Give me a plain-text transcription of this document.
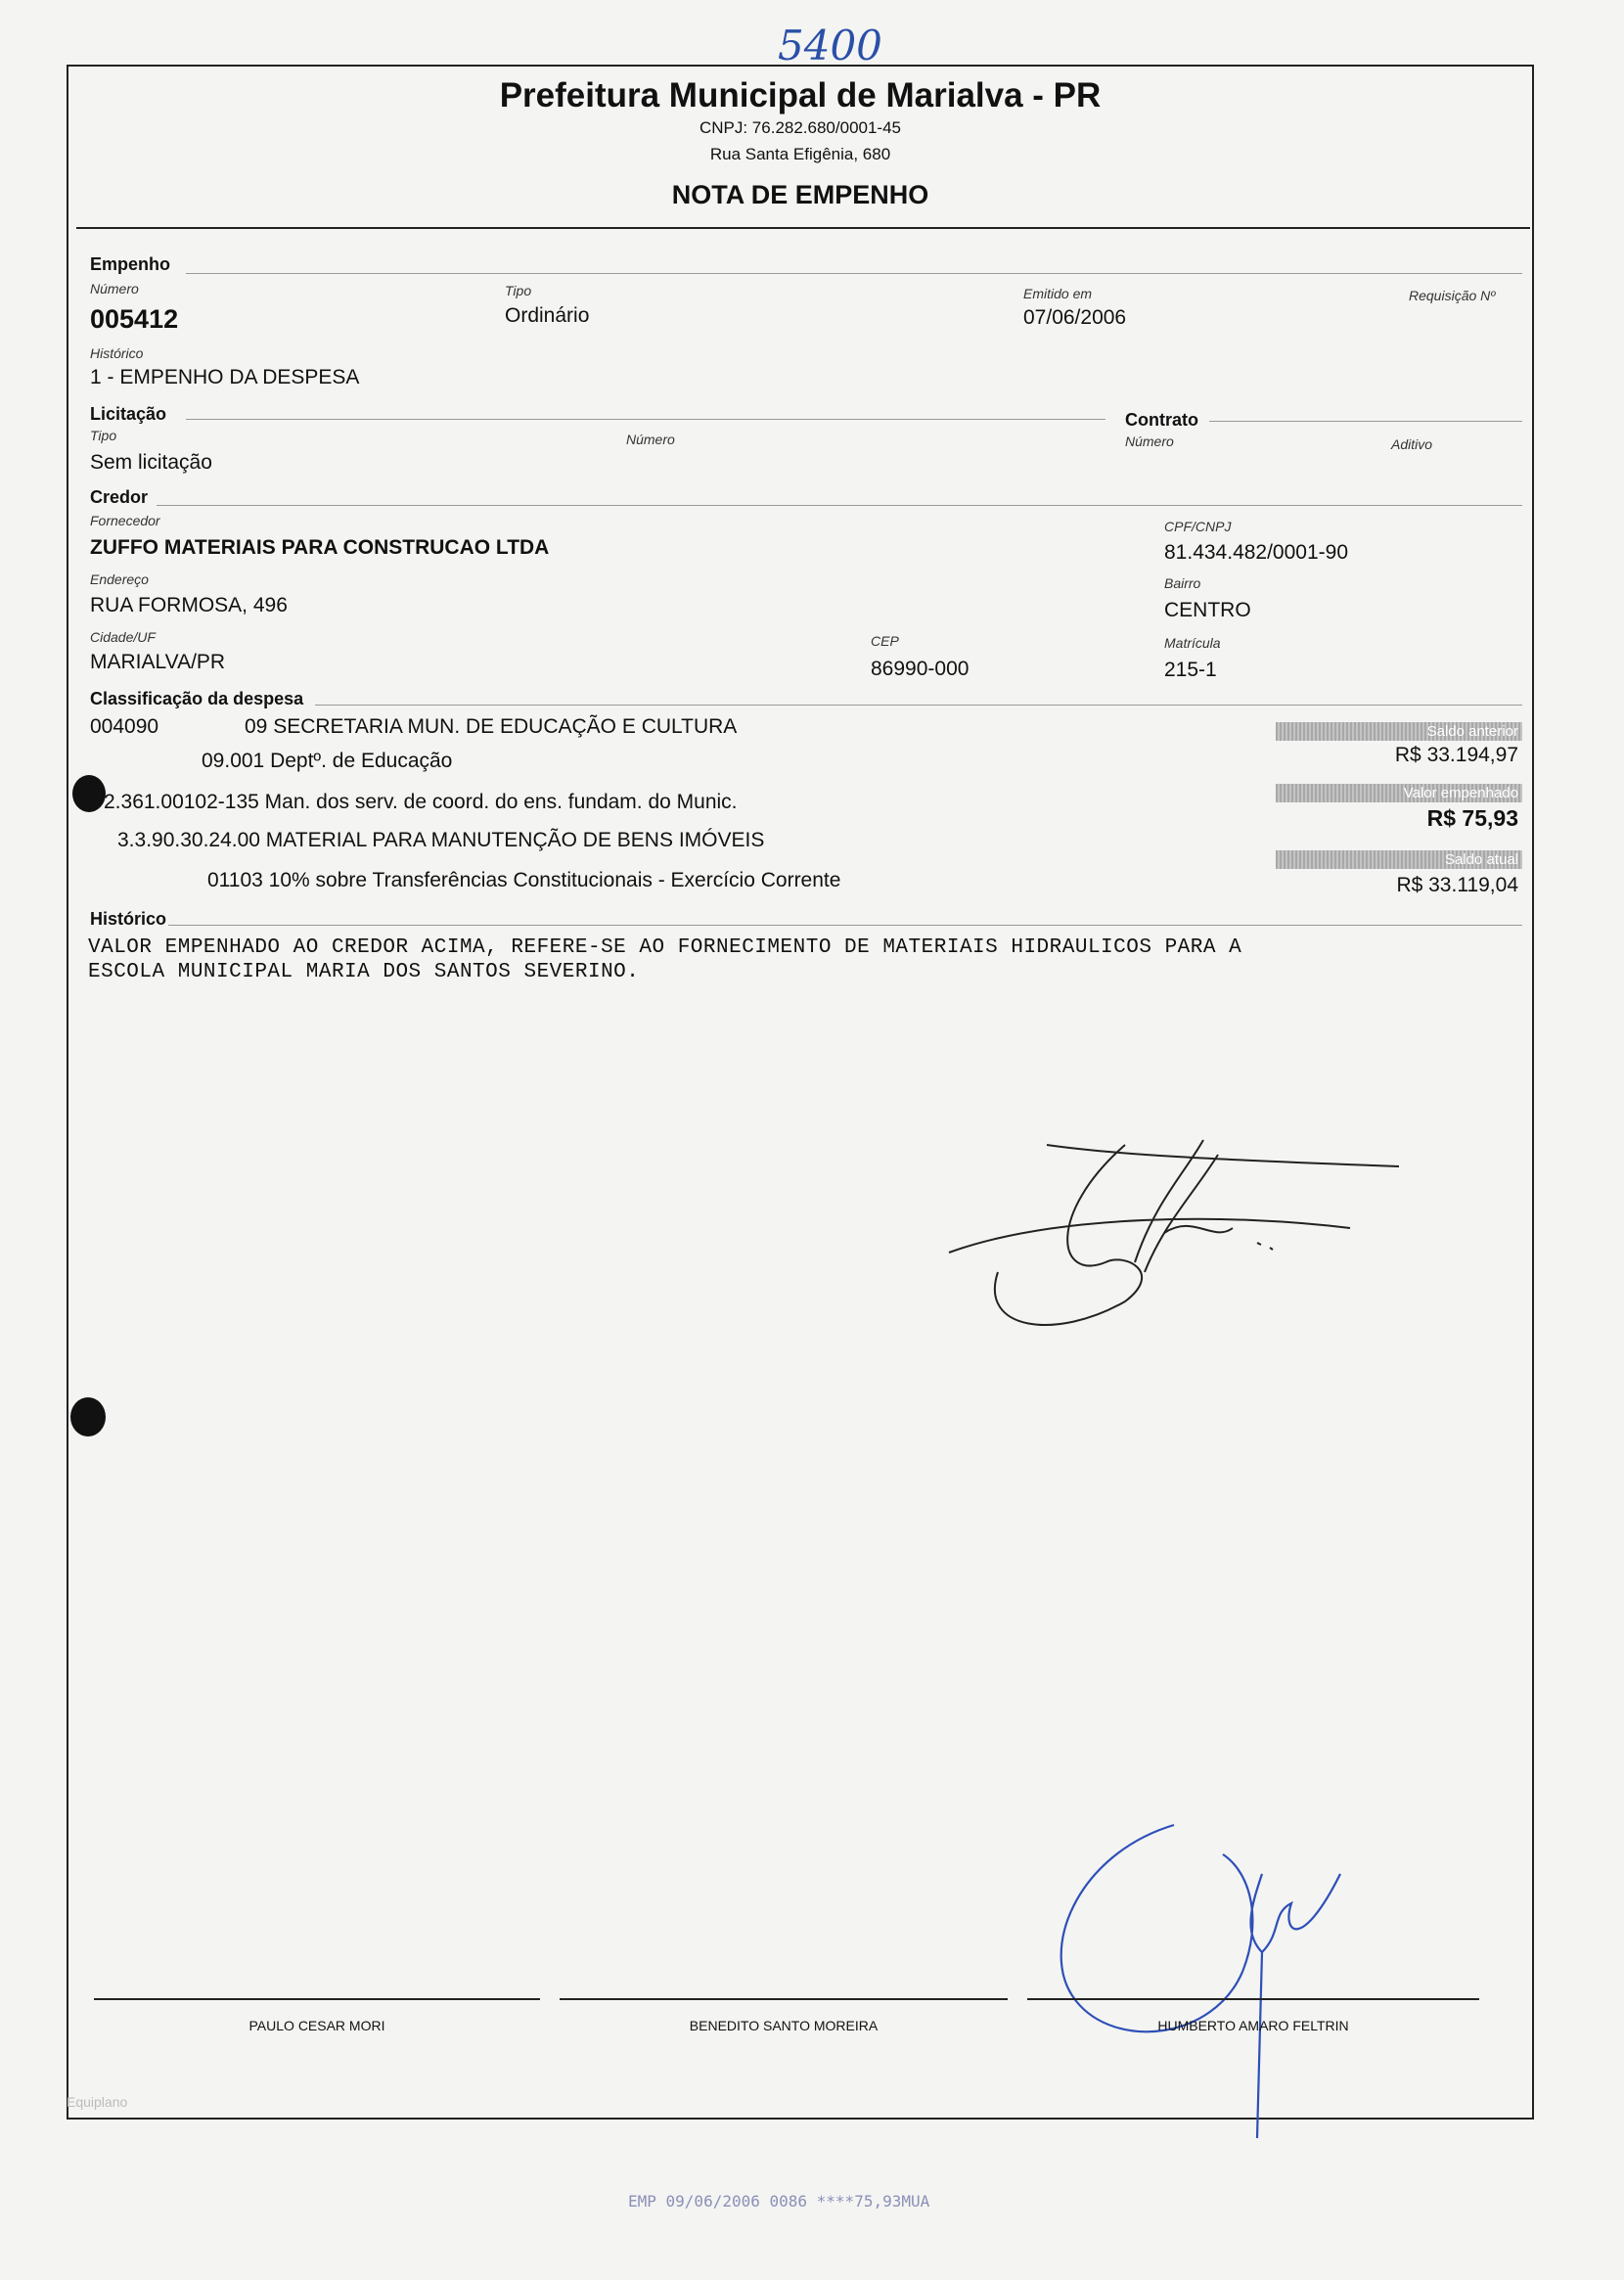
5400
Prefeitura Municipal de Marialva - PR
CNPJ: 76.282.680/0001-45
Rua Santa Efigênia, 680
NOTA DE EMPENHO
Empenho
Número
005412
Tipo
Ordinário
Emitido em
07/06/2006
Requisição Nº
Histórico
1 - EMPENHO DA DESPESA
Licitação
Tipo
Sem licitação
Número
Contrato
Número	Aditivo
Credor
Fornecedor
ZUFFO MATERIAIS PARA CONSTRUCAO LTDA
CPF/CNPJ
81.434.482/0001-90
Endereço
RUA FORMOSA, 496
Bairro
CENTRO
Cidade/UF
MARIALVA/PR
CEP
86990-000
Matrícula
215-1
Classificação da despesa
004090	09 SECRETARIA MUN. DE EDUCAÇÃO E CULTURA
09.001 Deptº. de Educação
2.361.00102-135 Man. dos serv. de coord. do ens. fundam. do Munic.
3.3.90.30.24.00 MATERIAL PARA MANUTENÇÃO DE BENS IMÓVEIS
01103 10% sobre Transferências Constitucionais - Exercício Corrente
Saldo anterior
R$ 33.194,97
Valor empenhado
R$ 75,93
Saldo atual
R$ 33.119,04
Histórico
VALOR EMPENHADO AO CREDOR ACIMA, REFERE-SE AO FORNECIMENTO DE MATERIAIS HIDRAULICOS PARA A
ESCOLA MUNICIPAL MARIA DOS SANTOS SEVERINO.
PAULO CESAR MORI	BENEDITO SANTO MOREIRA	HUMBERTO AMARO FELTRIN
Equiplano
EMP 09/06/2006 0086 ****75,93MUA
